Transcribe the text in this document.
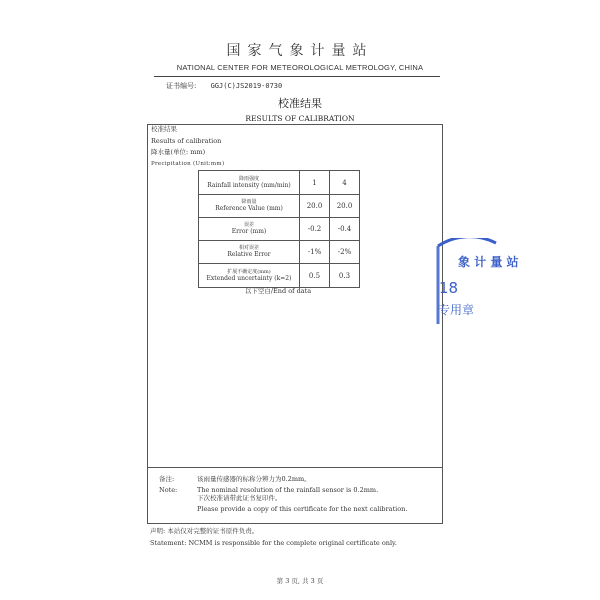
国家气象计量站
NATIONAL CENTER FOR METEOROLOGICAL METROLOGY, CHINA
证书编号: GGJ(C)JS2019-0730
校准结果
RESULTS OF CALIBRATION
校准结果
Results of calibration
降水量(单位: mm)
Precipitation (Unit:mm)
降雨强度
Rainfall intensity (mm/min)	1	4

降雨量
Reference Value (mm)	20.0	20.0

误差
Error (mm)	-0.2	-0.4

相对误差
Relative Error	-1%	-2%

扩展不确定度(mm)
Extended uncertainty (k=2)	0.5	0.3
以下空白/End of data
备注:
Note:
该雨量传感器的标称分辨力为0.2mm。
The nominal resolution of the rainfall sensor is 0.2mm.
下次校准请带此证书复印件。
Please provide a copy of this certificate for the next calibration.
声明: 本站仅对完整的证书原件负责。
Statement: NCMM is responsible for the complete original certificate only.
象 计 量 站
18
专用章
第 3 页, 共 3 页
